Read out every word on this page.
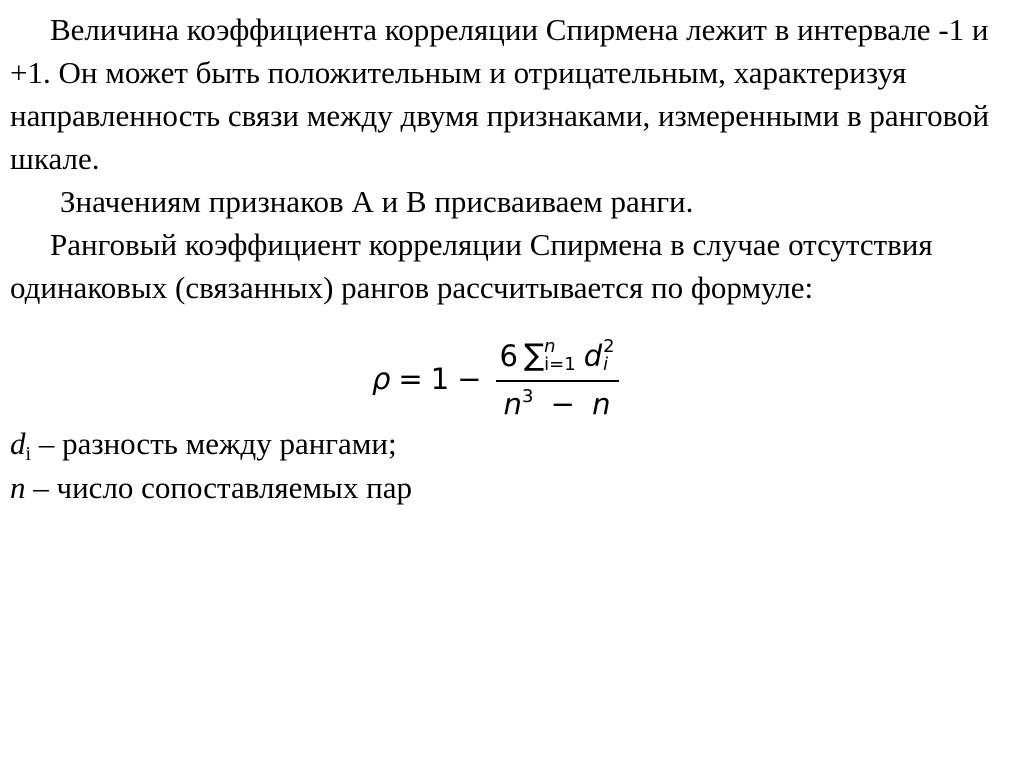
Величина коэффициента корреляции Спирмена лежит в интервале -1 и +1. Он может быть положительным и отрицательным, характеризуя направленность связи между двумя признаками, измеренными в ранговой шкале.

Значениям признаков А и В присваиваем ранги.

Ранговый коэффициент корреляции Спирмена в случае отсутствия одинаковых (связанных) рангов рассчитывается по формуле:

ρ = 1 −
6 ∑ n
i=1 d 2
i
$n^3 - n$

$d_i$ – разность между рангами;

n – число сопоставляемых пар
